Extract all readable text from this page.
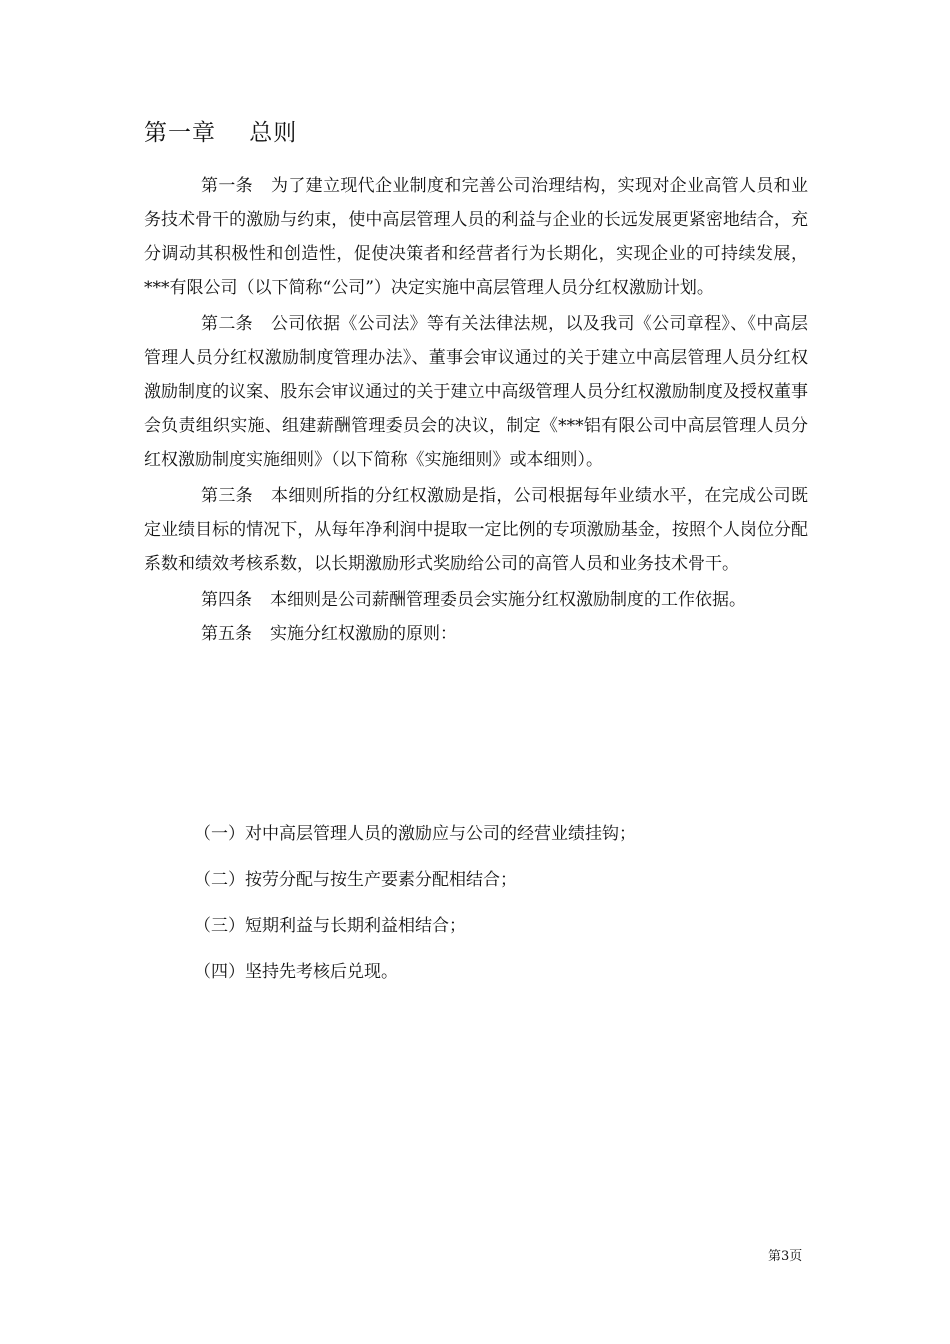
第一章    总则

第一条 为了建立现代企业制度和完善公司治理结构，实现对企业高管人员和业务技术骨干的激励与约束，使中高层管理人员的利益与企业的长远发展更紧密地结合，充分调动其积极性和创造性，促使决策者和经营者行为长期化，实现企业的可持续发展， ***有限公司（以下简称“公司”）决定实施中高层管理人员分红权激励计划。

第二条 公司依据《公司法》等有关法律法规，以及我司《公司章程》、《中高层管理人员分红权激励制度管理办法》、董事会审议通过的关于建立中高层管理人员分红权激励制度的议案、股东会审议通过的关于建立中高级管理人员分红权激励制度及授权董事会负责组织实施、组建薪酬管理委员会的决议，制定《***铝有限公司中高层管理人员分红权激励制度实施细则》（以下简称《实施细则》或本细则）。

第三条 本细则所指的分红权激励是指，公司根据每年业绩水平，在完成公司既定业绩目标的情况下，从每年净利润中提取一定比例的专项激励基金，按照个人岗位分配系数和绩效考核系数，以长期激励形式奖励给公司的高管人员和业务技术骨干。

第四条 本细则是公司薪酬管理委员会实施分红权激励制度的工作依据。

第五条 实施分红权激励的原则：

（一）对中高层管理人员的激励应与公司的经营业绩挂钩；

（二）按劳分配与按生产要素分配相结合；

（三）短期利益与长期利益相结合；

（四）坚持先考核后兑现。

第3页
